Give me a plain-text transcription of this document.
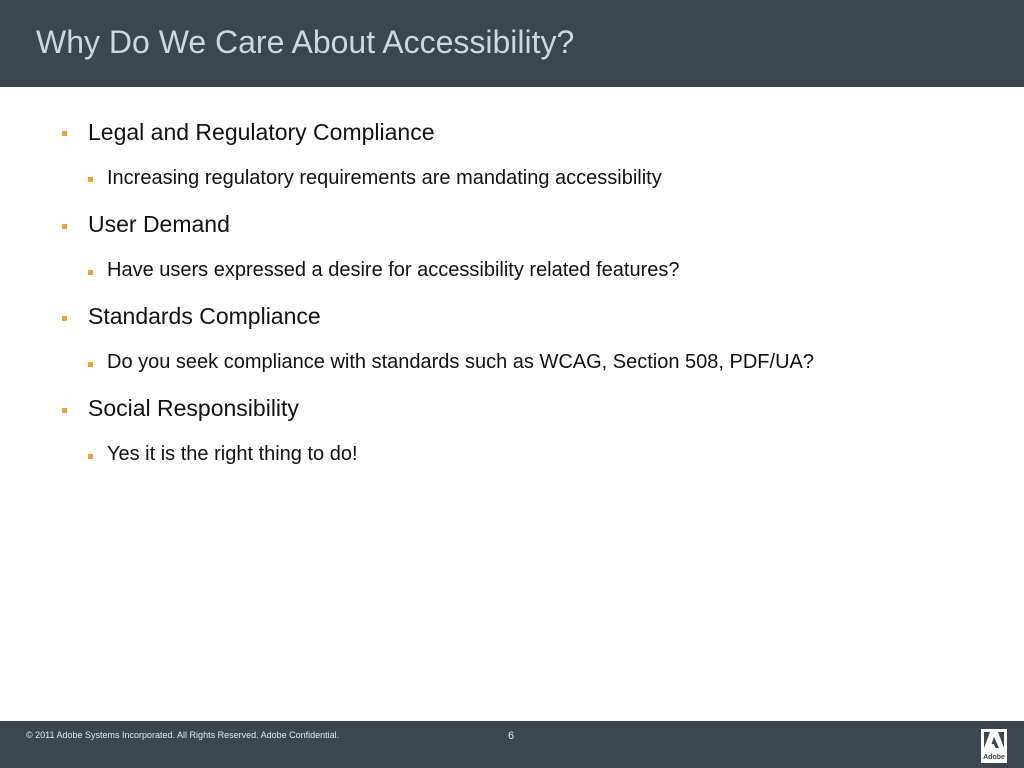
Why Do We Care About Accessibility?
Legal and Regulatory Compliance
Increasing regulatory requirements are mandating accessibility
User Demand
Have users expressed a desire for accessibility related features?
Standards Compliance
Do you seek compliance with standards such as WCAG, Section 508, PDF/UA?
Social Responsibility
Yes it is the right thing to do!
© 2011 Adobe Systems Incorporated. All Rights Reserved. Adobe Confidential.	6
Adobe
